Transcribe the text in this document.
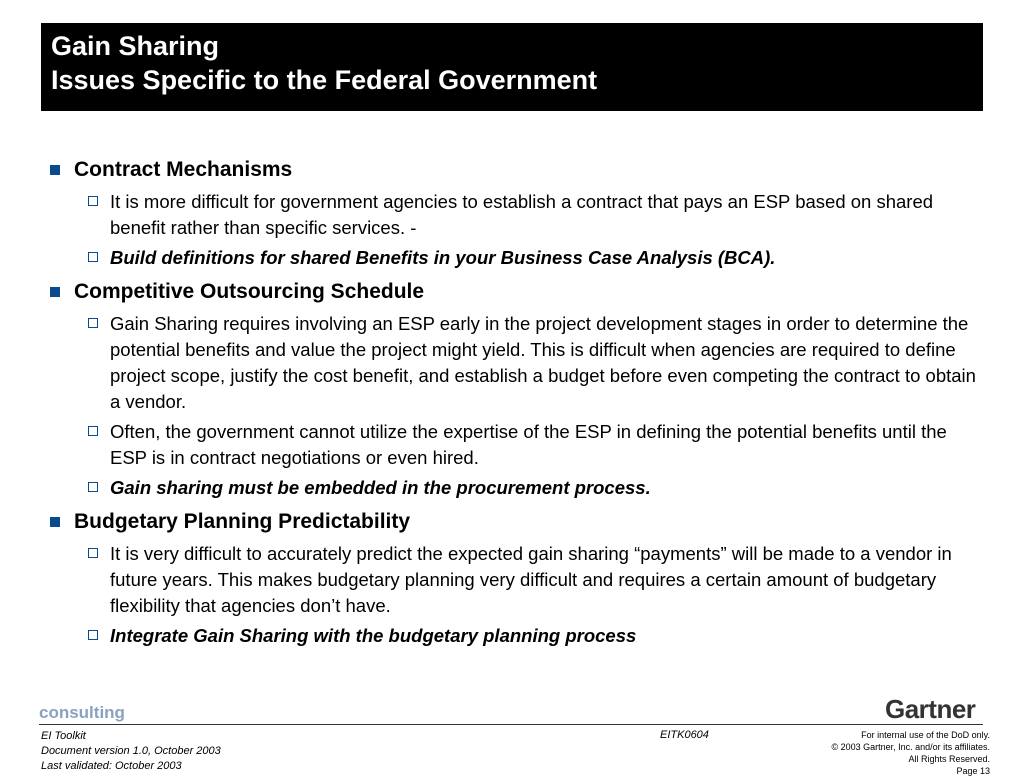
Gain Sharing
Issues Specific to the Federal Government
Contract Mechanisms
It is more difficult for government agencies to establish a contract that pays an ESP based on shared benefit rather than specific services. -
Build definitions for shared Benefits in your Business Case Analysis (BCA).
Competitive Outsourcing Schedule
Gain Sharing requires involving an ESP early in the project development stages in order to determine the potential benefits and value the project might yield. This is difficult when agencies are required to define project scope, justify the cost benefit, and establish a budget before even competing the contract to obtain a vendor.
Often, the government cannot utilize the expertise of the ESP in defining the potential benefits until the ESP is in contract negotiations or even hired.
Gain sharing must be embedded in the procurement process.
Budgetary Planning Predictability
It is very difficult to accurately predict the expected gain sharing “payments” will be made to a vendor in future years. This makes budgetary planning very difficult and requires a certain amount of budgetary flexibility that agencies don’t have.
Integrate Gain Sharing with the budgetary planning process
consulting	Gartner
EI Toolkit
Document version 1.0, October 2003
Last validated: October 2003
EITK0604	For internal use of the DoD only.
© 2003 Gartner, Inc. and/or its affiliates.
All Rights Reserved.
Page 13
